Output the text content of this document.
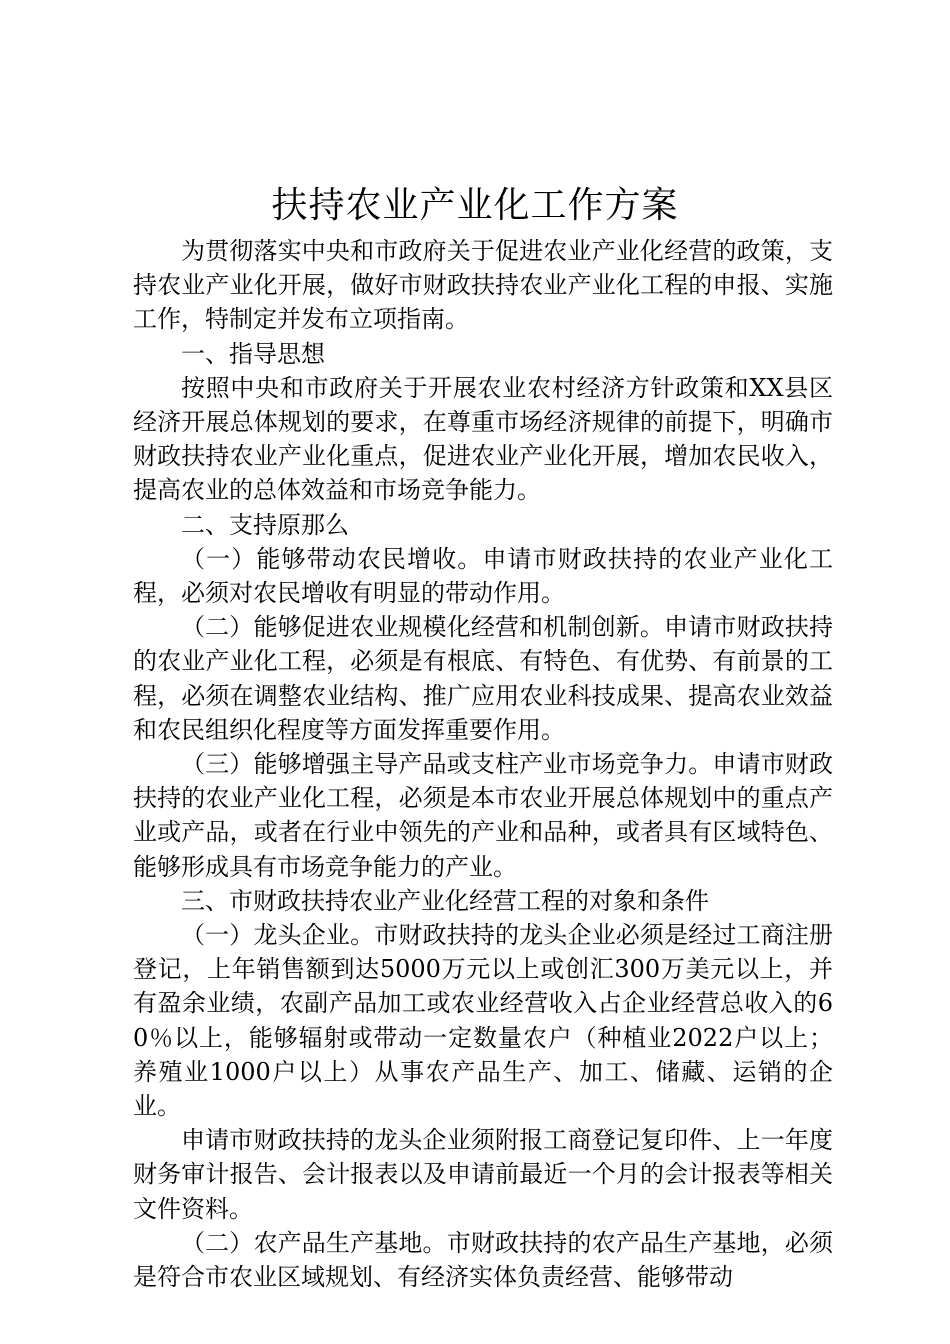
扶持农业产业化工作方案

为贯彻落实中央和市政府关于促进农业产业化经营的政策，支持农业产业化开展，做好市财政扶持农业产业化工程的申报、实施工作，特制定并发布立项指南。

一、指导思想

按照中央和市政府关于开展农业农村经济方针政策和XX县区经济开展总体规划的要求，在尊重市场经济规律的前提下，明确市财政扶持农业产业化重点，促进农业产业化开展，增加农民收入，提高农业的总体效益和市场竞争能力。

二、支持原那么

（一）能够带动农民增收。申请市财政扶持的农业产业化工程，必须对农民增收有明显的带动作用。

（二）能够促进农业规模化经营和机制创新。申请市财政扶持的农业产业化工程，必须是有根底、有特色、有优势、有前景的工程，必须在调整农业结构、推广应用农业科技成果、提高农业效益和农民组织化程度等方面发挥重要作用。

（三）能够增强主导产品或支柱产业市场竞争力。申请市财政扶持的农业产业化工程，必须是本市农业开展总体规划中的重点产业或产品，或者在行业中领先的产业和品种，或者具有区域特色、能够形成具有市场竞争能力的产业。

三、市财政扶持农业产业化经营工程的对象和条件

（一）龙头企业。市财政扶持的龙头企业必须是经过工商注册登记，上年销售额到达5000万元以上或创汇300万美元以上，并有盈余业绩，农副产品加工或农业经营收入占企业经营总收入的60％以上，能够辐射或带动一定数量农户（种植业2022户以上；养殖业1000户以上）从事农产品生产、加工、储藏、运销的企业。

申请市财政扶持的龙头企业须附报工商登记复印件、上一年度财务审计报告、会计报表以及申请前最近一个月的会计报表等相关文件资料。

（二）农产品生产基地。市财政扶持的农产品生产基地，必须是符合市农业区域规划、有经济实体负责经营、能够带动
